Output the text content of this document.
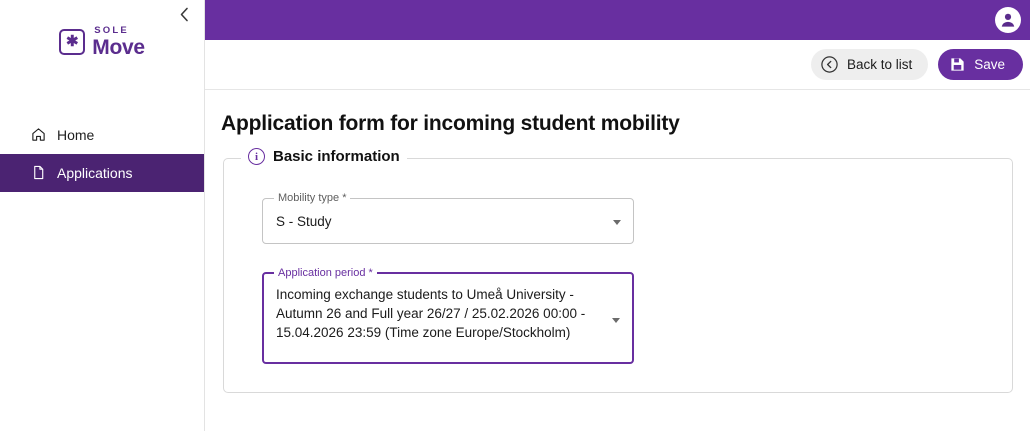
✱
SOLE
Move
Home
Applications
Back to list	Save
Application form for incoming student mobility
i Basic information
Mobility type *
S - Study
Application period *
Incoming exchange students to Umeå University - Autumn 26 and Full year 26/27 / 25.02.2026 00:00 - 15.04.2026 23:59 (Time zone Europe/Stockholm)
